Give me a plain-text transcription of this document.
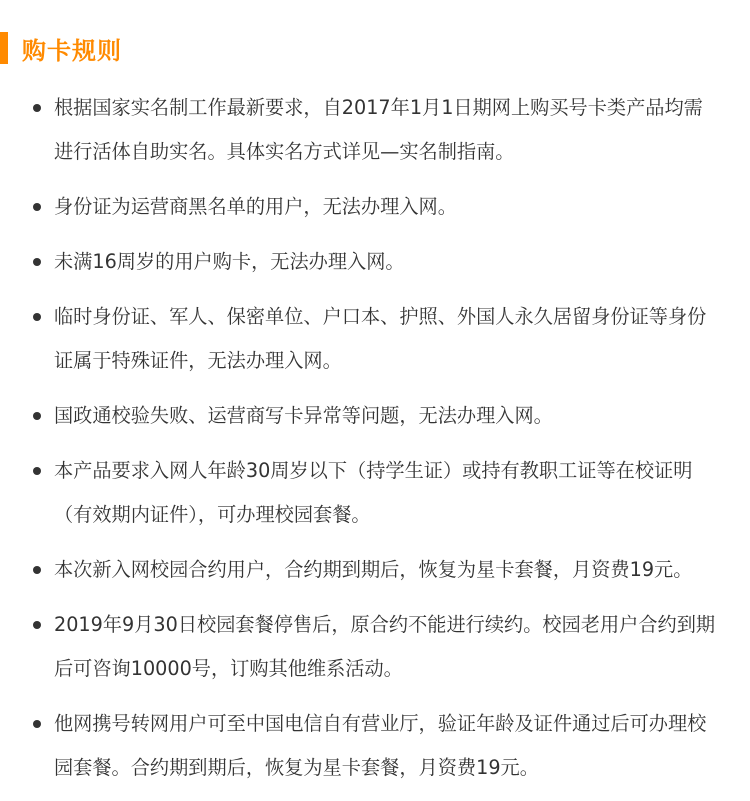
购卡规则
根据国家实名制工作最新要求，自2017年1月1日期网上购买号卡类产品均需进行活体自助实名。具体实名方式详见—实名制指南。
身份证为运营商黑名单的用户，无法办理入网。
未满16周岁的用户购卡，无法办理入网。
临时身份证、军人、保密单位、户口本、护照、外国人永久居留身份证等身份证属于特殊证件，无法办理入网。
国政通校验失败、运营商写卡异常等问题，无法办理入网。
本产品要求入网人年龄30周岁以下（持学生证）或持有教职工证等在校证明（有效期内证件），可办理校园套餐。
本次新入网校园合约用户，合约期到期后，恢复为星卡套餐，月资费19元。
2019年9月30日校园套餐停售后，原合约不能进行续约。校园老用户合约到期后可咨询10000号，订购其他维系活动。
他网携号转网用户可至中国电信自有营业厅，验证年龄及证件通过后可办理校园套餐。合约期到期后，恢复为星卡套餐，月资费19元。
